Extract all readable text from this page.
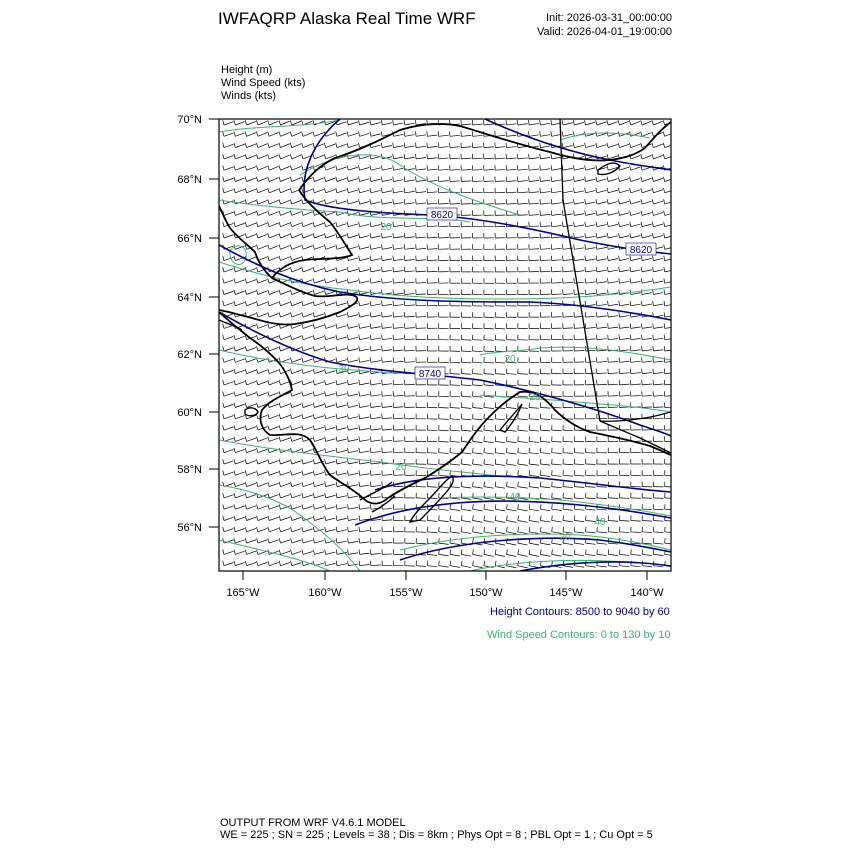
IWFAQRP Alaska Real Time WRF	Init: 2026-03-31_00:00:00
Valid: 2026-04-01_19:00:00
Height (m)
Wind Speed (kts)
Winds (kts)
70°N
68°N
66°N
64°N
62°N
60°N
58°N
56°N
165°W	160°W	155°W	150°W	145°W	140°W
8620
8620
8740
20
30
20
20
20
40
20
40
Height Contours: 8500 to 9040 by 60
Wind Speed Contours: 0 to 130 by 10
OUTPUT FROM WRF V4.6.1 MODEL
WE = 225 ; SN = 225 ; Levels = 38 ; Dis = 8km ; Phys Opt = 8 ; PBL Opt = 1 ; Cu Opt = 5
